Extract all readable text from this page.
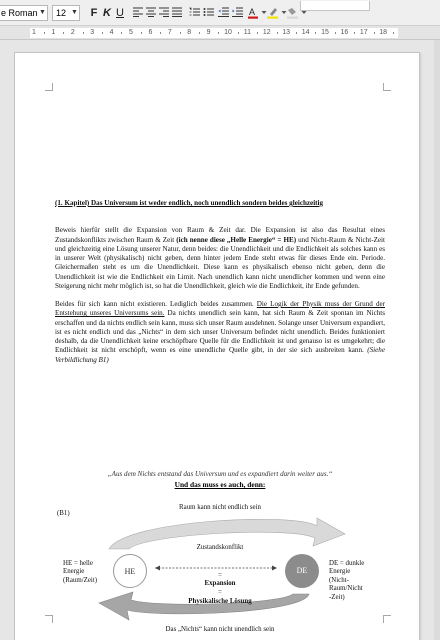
e Roman ▼	12 ▼ F K U	A
1 1 2 3 4 5 6 7 8 9 10 11 12 13 14 15 16 17 18

(1. Kapitel) Das Universum ist weder endlich, noch unendlich sondern beides gleichzeitig

Beweis hierfür stellt die Expansion von Raum & Zeit dar. Die Expansion ist also das Resultat eines Zustandskonflikts zwischen Raum & Zeit (ich nenne diese „Helle Energie“ = HE) und Nicht-Raum & Nicht-Zeit und gleichzeitig eine Lösung unserer Natur, denn beides: die Unendlichkeit und die Endlichkeit als solches kann es in unserer Welt (physikalisch) nicht geben, denn hinter jedem Ende steht etwas für dieses Ende ein. Periode. Gleichermaßen steht es um die Unendlichkeit. Diese kann es physikalisch ebenso nicht geben, denn die Unendlichkeit ist wie die Endlichkeit ein Limit. Nach unendlich kann nicht unendlicher kommen und wenn eine Steigerung nicht mehr möglich ist, so hat die Unendlichkeit, gleich wie die Endlichkeit, ihr Ende gefunden.

Beides für sich kann nicht existieren. Lediglich beides zusammen. Die Logik der Physik muss der Grund der Entstehung unseres Universums sein. Da nichts unendlich sein kann, hat sich Raum & Zeit spontan im Nichts erschaffen und da nichts endlich sein kann, muss sich unser Raum ausdehnen. Solange unser Universum expandiert, ist es nicht endlich und das „Nichts“ in dem sich unser Universum befindet nicht unendlich. Beides funktioniert deshalb, da die Unendlichkeit keine erschöpfbare Quelle für die Endlichkeit ist und genauso ist es umgekehrt; die Endlichkeit ist nicht erschöpft, wenn es eine unendliche Quelle gibt, in der sie sich ausbreiten kann. (Siehe Verbildlichung B1)

„Aus dem Nichts entstand das Universum und es expandiert darin weiter aus.“
Und das muss es auch, denn:
(B1)
Raum kann nicht endlich sein
Zustandskonflikt
HE	DE
HE = helle
Energie
(Raum/Zeit)
DE = dunkle
Energie
(Nicht-
Raum/Nicht
-Zeit)
=
Expansion
=
Physikalische Lösung
Das „Nichts“ kann nicht unendlich sein
